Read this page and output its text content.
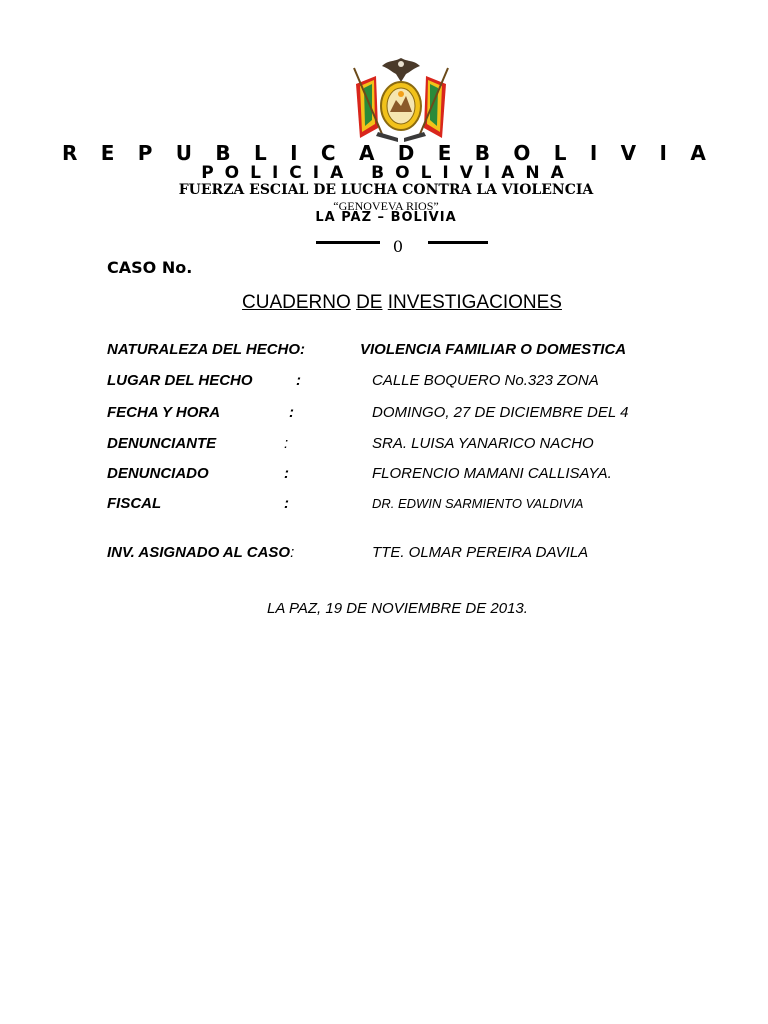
R E P U B L I C A D E B O L I V I A
POLICIA BOLIVIANA
FUERZA ESCIAL DE LUCHA CONTRA LA VIOLENCIA
“GENOVEVA RIOS”
LA PAZ – BOLIVIA
0
CASO No.
CUADERNO DE INVESTIGACIONES
NATURALEZA DEL HECHO:	VIOLENCIA FAMILIAR O DOMESTICA
LUGAR DEL HECHO	:	CALLE BOQUERO No.323 ZONA
FECHA Y HORA	:	DOMINGO, 27 DE DICIEMBRE DEL 4
DENUNCIANTE	:	SRA. LUISA YANARICO NACHO
DENUNCIADO	:	FLORENCIO MAMANI CALLISAYA.
FISCAL	:	DR. EDWIN SARMIENTO VALDIVIA
INV. ASIGNADO AL CASO:	TTE. OLMAR PEREIRA DAVILA
LA PAZ, 19 DE NOVIEMBRE DE 2013.
